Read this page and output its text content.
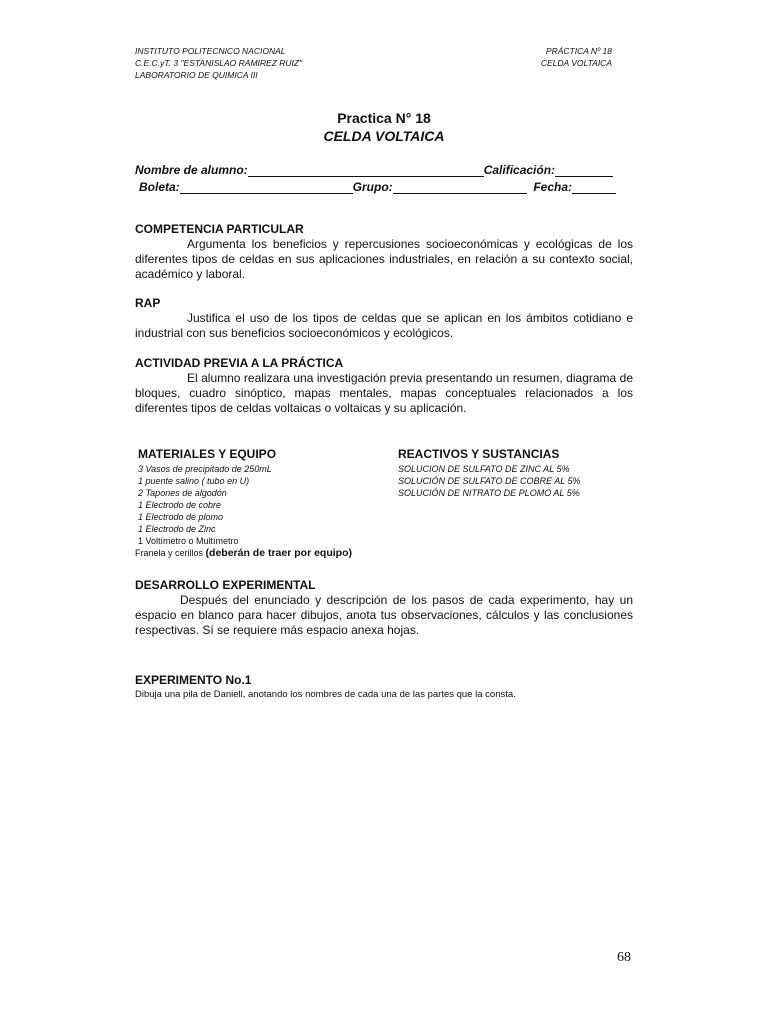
INSTITUTO POLITECNICO NACIONAL
C.E.C.yT. 3 "ESTANISLAO RAMIREZ RUIZ"
LABORATORIO DE QUIMICA III
PRÁCTICA Nº 18
CELDA VOLTAICA
Practica N° 18
CELDA VOLTAICA
Nombre de alumno:	Calificación:
Boleta:	Grupo:	Fecha:
COMPETENCIA PARTICULAR

Argumenta los beneficios y repercusiones socioeconómicas y ecológicas de los diferentes tipos de celdas en sus aplicaciones industriales, en relación a su contexto social, académico y laboral.

RAP

Justifica el uso de los tipos de celdas que se aplican en los ámbitos cotidiano e industrial con sus beneficios socioeconómicos y ecológicos.

ACTIVIDAD PREVIA A LA PRÁCTICA

El alumno realizara una investigación previa presentando un resumen, diagrama de bloques, cuadro sinóptico, mapas mentales, mapas conceptuales relacionados a los diferentes tipos de celdas voltaicas o voltaicas y su aplicación.

MATERIALES Y EQUIPO
3 Vasos de precipitado de 250mL
1 puente salino ( tubo en U)
2 Tapones de algodón
1 Electrodo de cobre
1 Electrodo de plomo
1 Electrodo de Zinc
1 Voltímetro o Multímetro
Franela y cerillos (deberán de traer por equipo)
REACTIVOS Y SUSTANCIAS
SOLUCION DE SULFATO DE ZINC AL 5%
SOLUCIÓN DE SULFATO DE COBRE AL 5%
SOLUCIÓN DE NITRATO DE PLOMO AL 5%
DESARROLLO EXPERIMENTAL

Después del enunciado y descripción de los pasos de cada experimento, hay un espacio en blanco para hacer dibujos, anota tus observaciones, cálculos y las conclusiones respectivas. Sí se requiere más espacio anexa hojas.

EXPERIMENTO No.1
Dibuja una pila de Daniell, anotando los nombres de cada una de las partes que la consta.
68
